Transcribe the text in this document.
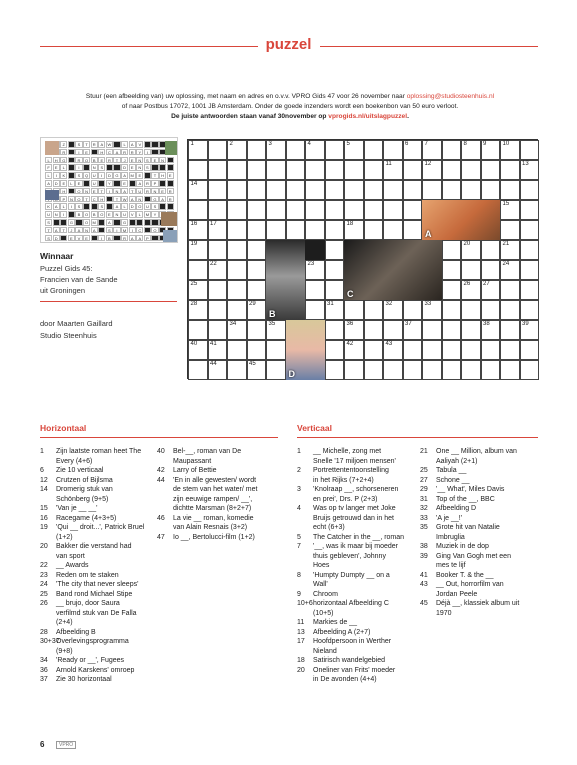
puzzel
Stuur (een afbeelding van) uw oplossing, met naam en adres en o.v.v. VPRO Gids 47 voor 26 november naar oplossing@studiosteenhuis.nl
of naar Postbus 17072, 1001 JB Amsterdam. Onder de goede inzenders wordt een boekenbon van 50 euro verloot.
De juiste antwoorden staan vanaf 30november op vprogids.nl/uitslagpuzzel.
Z	S	T	R	A	W	L	A	V
R	I	E	H	C	A	R	R	Y	I
L	H	G	R	O	B	E	R	T	J	E	N	S	E	N
F	E	L	I	N	S	D	E	N	S
L	I	K	S	Q	U	I	D	G	A	M	E	T	H	E
A	D	E	L	E	U	Y	E	A	R	P
H	O	N	E	T	I	N	A	T	U	R	N	E	R
P	N	O	T	C	H	T	W	A	N	G	A	R
K	A	L	I	S	S	A	L	D	O	U	S
U	N	I	B	O	B	O	E	N	U	V	L	M	Y
S	G	O	M	A	G
T	A	T	J	A	N	A	S	I	M	I	C	O
S	D	E	V	E	I	B	R	A	A	P
Winnaar
Puzzel Gids 45:
Francien van de Sande
uit Groningen
door Maarten Gaillard
Studio Steenhuis
1	2	3	4	5	6	7	8	9	10
11	12	13
14
15
16 17	18
19	20	21
22	23	24
25	26 27
28	29	31	32	33
34	35	36	37	38	39
40 41	42	43
44	45
A
B
C
D
Horizontaal	Verticaal
1 Zijn laatste roman heet The
Every (4+6)
6 Zie 10 verticaal
12 Crutzen of Bijlsma
14 Dromerig stuk van
Schönberg (9+5)
15 'Van je __ __'
16 Racegame (4+3+5)
19 'Qui __ droit...', Patrick Bruel
(1+2)
20 Bakker die verstand had
van sport
22 __ Awards
23 Reden om te staken
24 'The city that never sleeps'
25 Band rond Michael Stipe
26 __ brujo, door Saura
verfilmd stuk van De Falla
(2+4)
28 Afbeelding B
30+37
Overlevingsprogramma
(9+8)
34 'Ready or __', Fugees
36 Arnold Karskens' omroep
37 Zie 30 horizontaal
40 Bel-__, roman van De
Maupassant
42 Larry of Bettie
44 'En in alle gewesten/ wordt
de stem van het water/ met
zijn eeuwige rampen/ __',
dichtte Marsman (8+2+7)
46 La vie __ roman, komedie
van Alain Resnais (3+2)
47 Io __, Bertolucci-film (1+2)
1 __ Michelle, zong met
Snelle '17 miljoen mensen'
2 Portrettententoonstelling
in het Rijks (7+2+4)
3 'Knolraap __, schorseneren
en prei', Drs. P (2+3)
4 Was op tv langer met Joke
Bruijs getrouwd dan in het
echt (6+3)
5 The Catcher in the __, roman
7 '__, was ik maar bij moeder
thuis gebleven', Johnny
Hoes
8 'Humpty Dumpty __ on a
Wall'
9 Chroom
10+6 horizontaal Afbeelding C
(10+5)
11 Markies de __
13 Afbeelding A (2+7)
17 Hoofdpersoon in Werther
Nieland
18 Satirisch wandelgebied
20 Oneliner van Frits' moeder
in De avonden (4+4)
21 One __ Million, album van
Aaliyah (2+1)
25 Tabula __
27 Schone __
29 '__ What', Miles Davis
31 Top of the __, BBC
32 Afbeelding D
33 'A je __!'
35 Grote hit van Natalie
Imbruglia
38 Muziek in de dop
39 Ging Van Gogh met een
mes te lijf
41 Booker T. & the __
43 __ Out, horrorfilm van
Jordan Peele
45 Déjà __, klassiek album uit
1970
6	VPRO
